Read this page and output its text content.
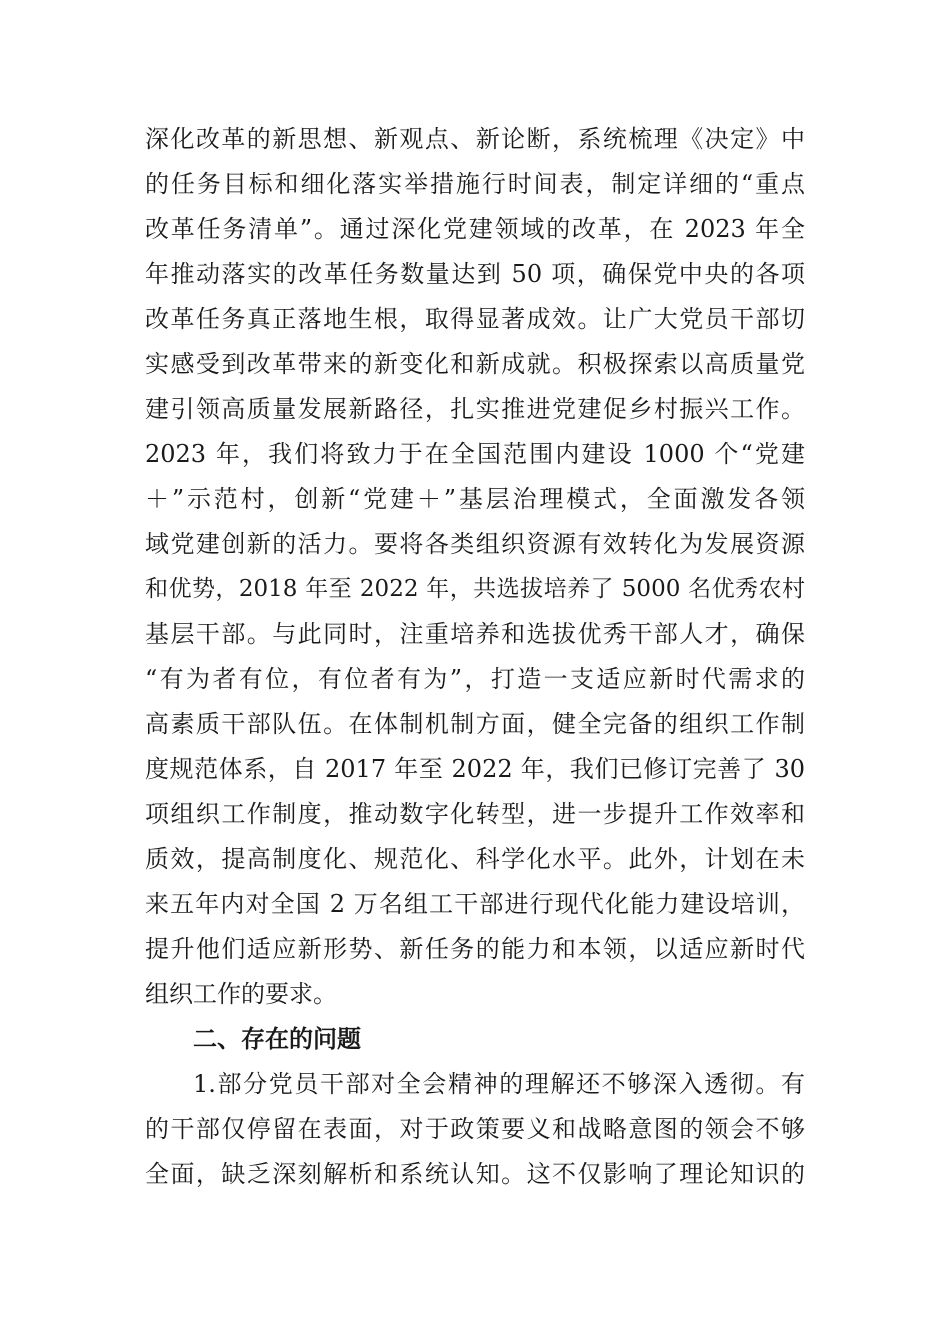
深化改革的新思想、新观点、新论断，系统梳理《决定》中
的任务目标和细化落实举措施行时间表，制定详细的“重点
改革任务清单”。通过深化党建领域的改革，在 2023 年全
年推动落实的改革任务数量达到 50 项，确保党中央的各项
改革任务真正落地生根，取得显著成效。让广大党员干部切
实感受到改革带来的新变化和新成就。积极探索以高质量党
建引领高质量发展新路径，扎实推进党建促乡村振兴工作。
2023 年，我们将致力于在全国范围内建设 1000 个“党建
＋”示范村，创新“党建＋”基层治理模式，全面激发各领
域党建创新的活力。要将各类组织资源有效转化为发展资源
和优势，2018 年至 2022 年，共选拔培养了 5000 名优秀农村
基层干部。与此同时，注重培养和选拔优秀干部人才，确保
“有为者有位，有位者有为”，打造一支适应新时代需求的
高素质干部队伍。在体制机制方面，健全完备的组织工作制
度规范体系，自 2017 年至 2022 年，我们已修订完善了 30
项组织工作制度，推动数字化转型，进一步提升工作效率和
质效，提高制度化、规范化、科学化水平。此外，计划在未
来五年内对全国 2 万名组工干部进行现代化能力建设培训，
提升他们适应新形势、新任务的能力和本领，以适应新时代
组织工作的要求。
二、存在的问题
1.部分党员干部对全会精神的理解还不够深入透彻。有
的干部仅停留在表面，对于政策要义和战略意图的领会不够
全面，缺乏深刻解析和系统认知。这不仅影响了理论知识的
